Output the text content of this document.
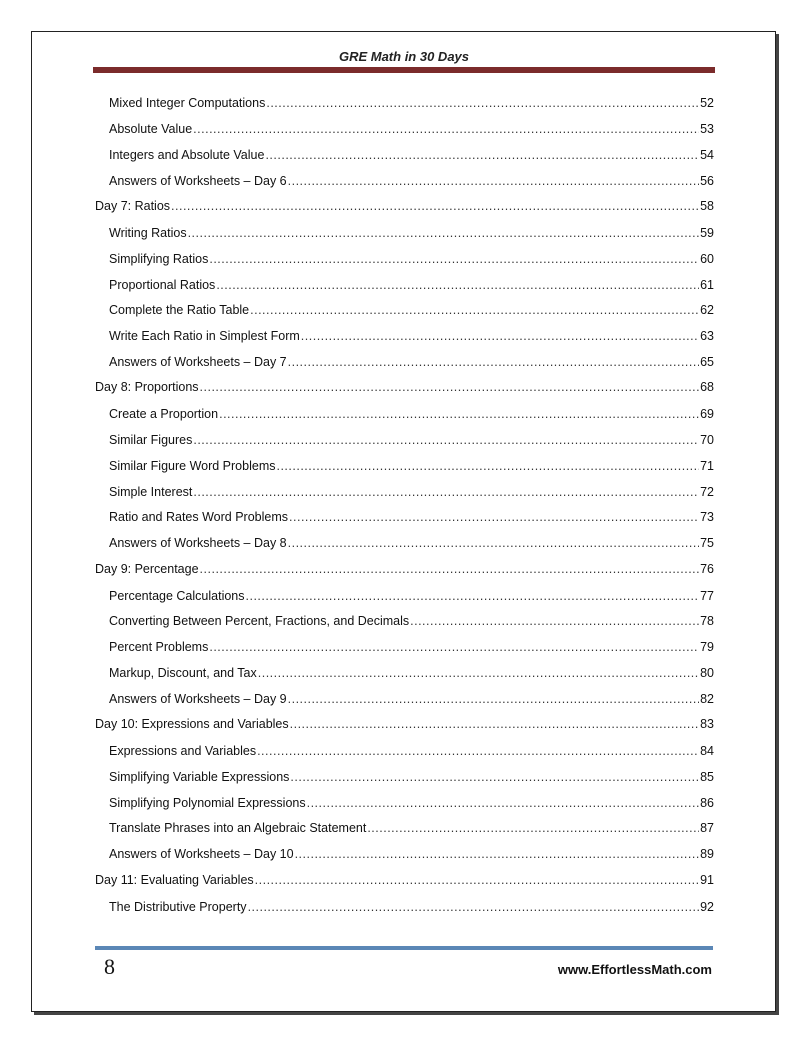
GRE Math in 30 Days
Mixed Integer Computations .....	52
Absolute Value .....	53
Integers and Absolute Value .....	54
Answers of Worksheets – Day 6 .....	56
Day 7: Ratios .....	58
Writing Ratios .....	59
Simplifying Ratios .....	60
Proportional Ratios .....	61
Complete the Ratio Table .....	62
Write Each Ratio in Simplest Form .....	63
Answers of Worksheets – Day 7 .....	65
Day 8: Proportions .....	68
Create a Proportion .....	69
Similar Figures .....	70
Similar Figure Word Problems .....	71
Simple Interest .....	72
Ratio and Rates Word Problems .....	73
Answers of Worksheets – Day 8 .....	75
Day 9: Percentage .....	76
Percentage Calculations .....	77
Converting Between Percent, Fractions, and Decimals .....	78
Percent Problems .....	79
Markup, Discount, and Tax .....	80
Answers of Worksheets – Day 9 .....	82
Day 10: Expressions and Variables .....	83
Expressions and Variables .....	84
Simplifying Variable Expressions .....	85
Simplifying Polynomial Expressions .....	86
Translate Phrases into an Algebraic Statement .....	87
Answers of Worksheets – Day 10 .....	89
Day 11: Evaluating Variables .....	91
The Distributive Property .....	92
8	www.EffortlessMath.com
